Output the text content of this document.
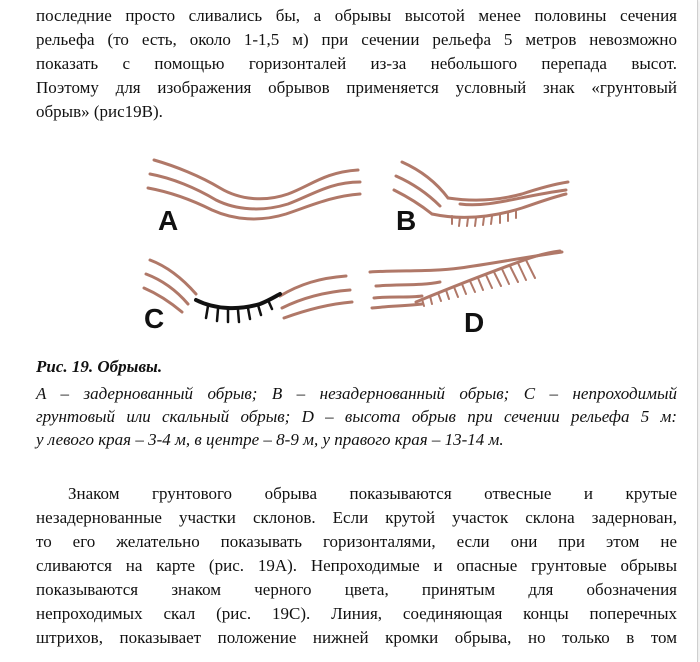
последние просто сливались бы, а обрывы высотой менее половины сечения
рельефа (то есть, около 1-1,5 м) при сечении рельефа 5 метров невозможно
показать с помощью горизонталей из-за небольшого перепада высот.
Поэтому для изображения обрывов применяется условный знак «грунтовый
обрыв» (рис19В).

A	B
C	D

Рис. 19. Обрывы.

A – задернованный обрыв; B – незадернованный обрыв; C – непроходимый
грунтовый или скальный обрыв; D – высота обрыв при сечении рельефа 5 м:
у левого края – 3-4 м, в центре – 8-9 м, у правого края – 13-14 м.

Знаком грунтового обрыва показываются отвесные и крутые
незадернованные участки склонов. Если крутой участок склона задернован,
то его желательно показывать горизонталями, если они при этом не
сливаются на карте (рис. 19А). Непроходимые и опасные грунтовые обрывы
показываются знаком черного цвета, принятым для обозначения
непроходимых скал (рис. 19С). Линия, соединяющая концы поперечных
штрихов, показывает положение нижней кромки обрыва, но только в том
